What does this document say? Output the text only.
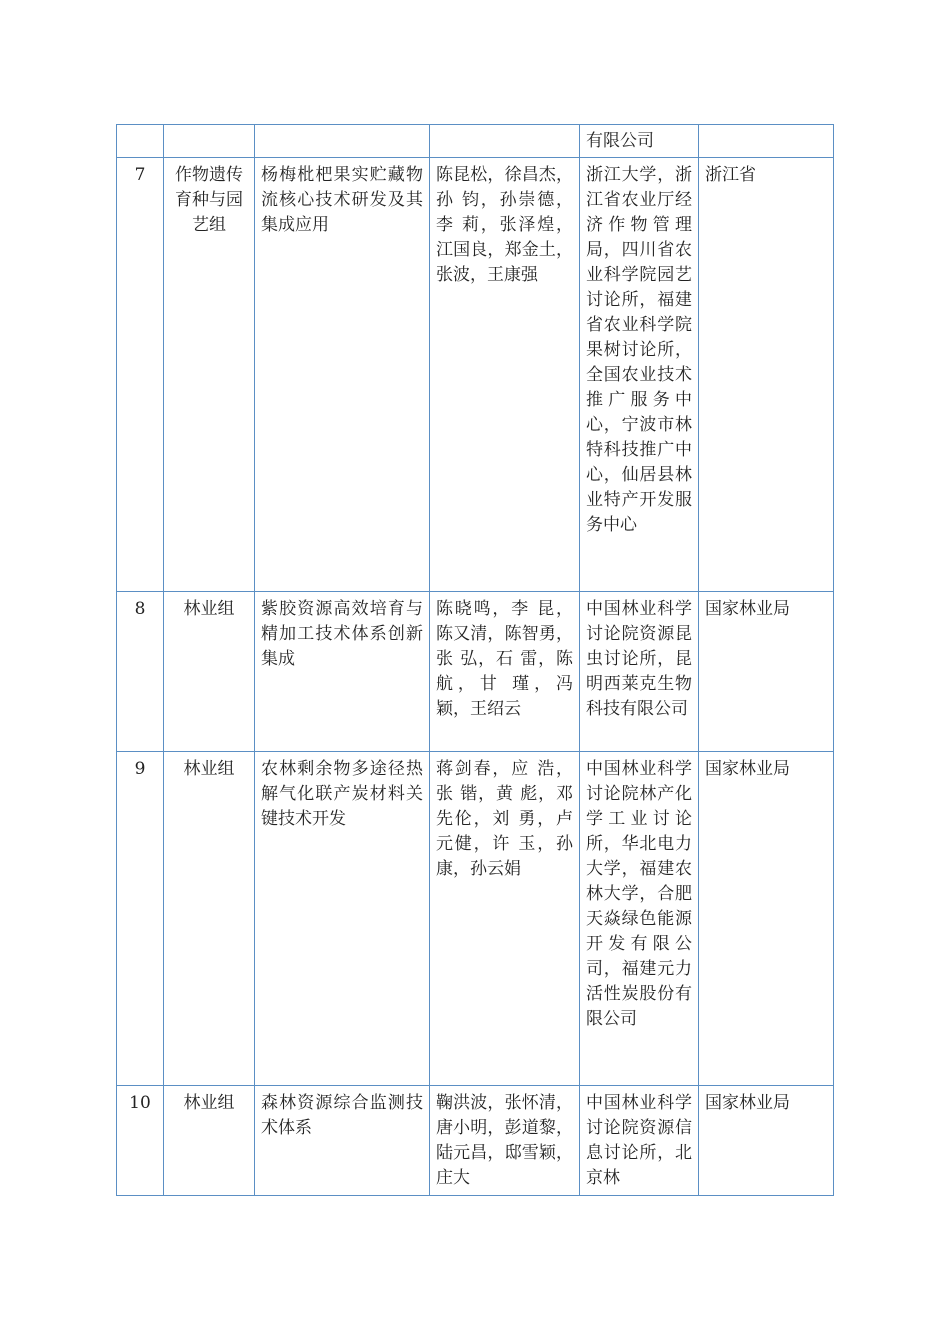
				有限公司	
7	作物遗传育种与园艺组	杨梅枇杷果实贮藏物流核心技术研发及其集成应用	陈昆松，徐昌杰，孙 钧，孙崇德，李 莉，张泽煌，江国良，郑金土，张波，王康强	浙江大学，浙江省农业厅经济作物管理局，四川省农业科学院园艺讨论所，福建省农业科学院果树讨论所，全国农业技术推广服务中心，宁波市林特科技推广中心，仙居县林业特产开发服务中心	浙江省
8	林业组	紫胶资源高效培育与精加工技术体系创新集成	陈晓鸣，李 昆，陈又清，陈智勇，张 弘，石 雷，陈 航，甘 瑾，冯 颖，王绍云	中国林业科学讨论院资源昆虫讨论所，昆明西莱克生物科技有限公司	国家林业局
9	林业组	农林剩余物多途径热解气化联产炭材料关键技术开发	蒋剑春，应 浩，张 锴，黄 彪，邓先伦，刘 勇，卢元健，许 玉，孙 康，孙云娟	中国林业科学讨论院林产化学工业讨论所，华北电力大学，福建农林大学，合肥天焱绿色能源开发有限公司，福建元力活性炭股份有限公司	国家林业局
10	林业组	森林资源综合监测技术体系	鞠洪波，张怀清，唐小明，彭道黎，陆元昌，邸雪颖，庄大	中国林业科学讨论院资源信息讨论所，北京林	国家林业局
